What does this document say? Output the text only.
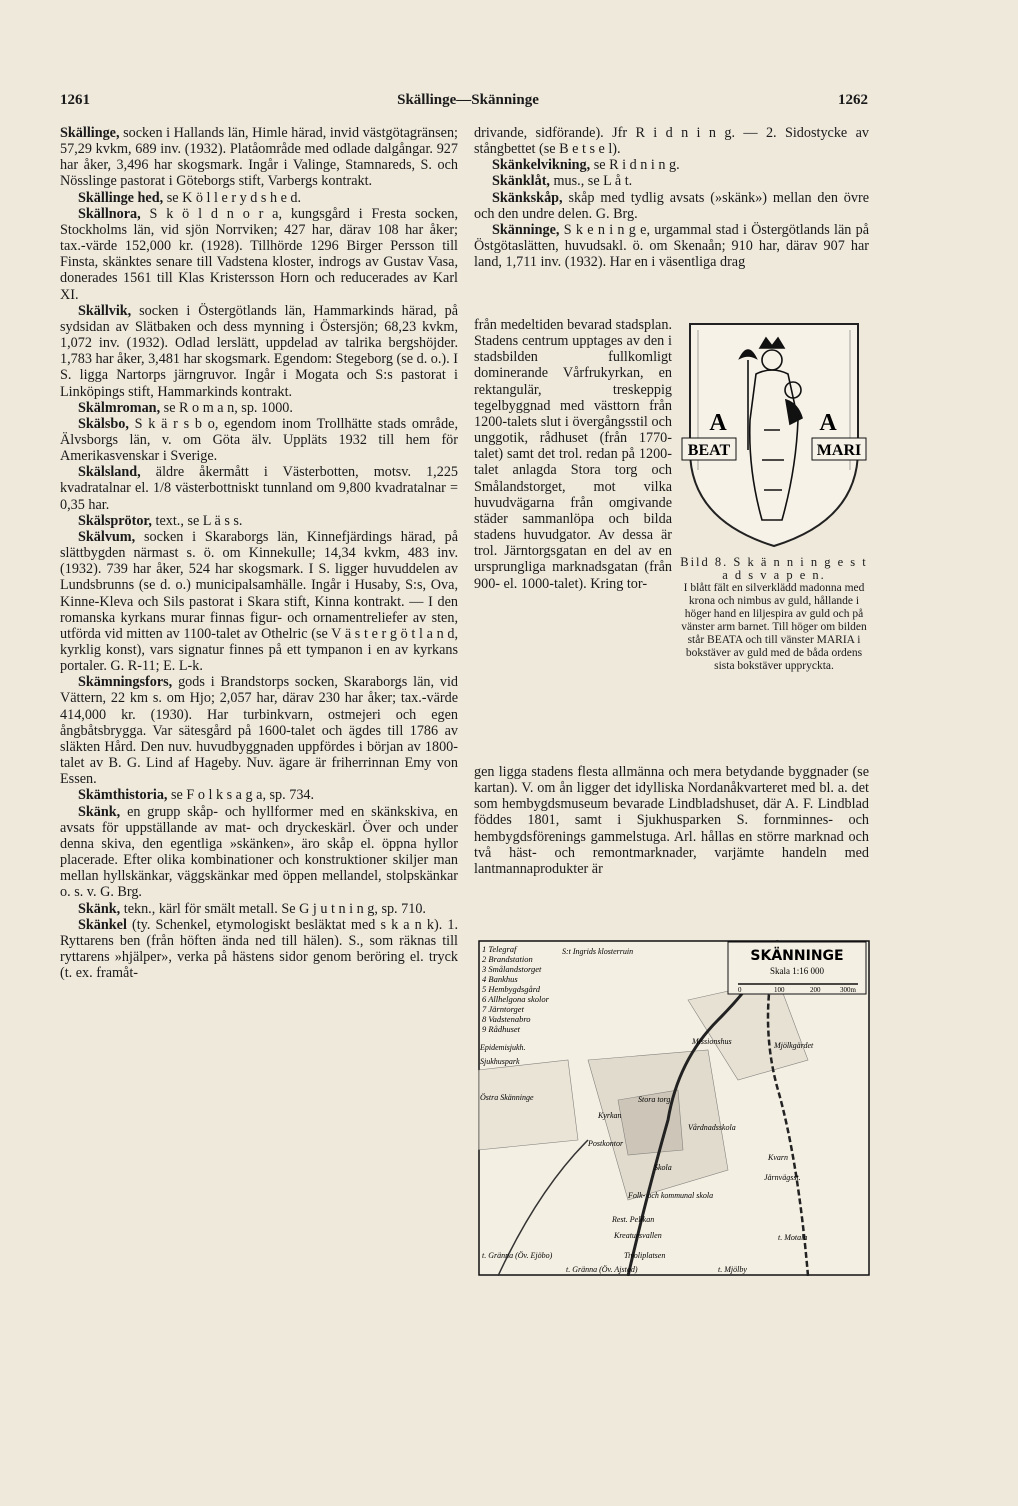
1261	Skällinge—Skänninge	1262

Skällinge, socken i Hallands län, Himle härad, invid västgötagränsen; 57,29 kvkm, 689 inv. (1932). Platåområde med odlade dalgångar. 927 har åker, 3,496 har skogsmark. Ingår i Valinge, Stamnareds, S. och Nösslinge pastorat i Göteborgs stift, Varbergs kontrakt.

Skällinge hed, se K ö l l e r y d s h e d.

Skällnora, S k ö l d n o r a, kungsgård i Fresta socken, Stockholms län, vid sjön Norrviken; 427 har, därav 108 har åker; tax.-värde 152,000 kr. (1928). Tillhörde 1296 Birger Persson till Finsta, skänktes senare till Vadstena kloster, indrogs av Gustav Vasa, donerades 1561 till Klas Kristersson Horn och reducerades av Karl XI.

Skällvik, socken i Östergötlands län, Hammarkinds härad, på sydsidan av Slätbaken och dess mynning i Östersjön; 68,23 kvkm, 1,072 inv. (1932). Odlad lerslätt, uppdelad av talrika bergshöjder. 1,783 har åker, 3,481 har skogsmark. Egendom: Stegeborg (se d. o.). I S. ligga Nartorps järngruvor. Ingår i Mogata och S:s pastorat i Linköpings stift, Hammarkinds kontrakt.

Skälmroman, se R o m a n, sp. 1000.

Skälsbo, S k ä r s b o, egendom inom Trollhätte stads område, Älvsborgs län, v. om Göta älv. Uppläts 1932 till hem för Amerikasvenskar i Sverige.

Skälsland, äldre åkermått i Västerbotten, motsv. 1,225 kvadratalnar el. 1/8 västerbottniskt tunnland om 9,800 kvadratalnar = 0,35 har.

Skälsprötor, text., se L ä s s.

Skälvum, socken i Skaraborgs län, Kinnefjärdings härad, på slättbygden närmast s. ö. om Kinnekulle; 14,34 kvkm, 483 inv. (1932). 739 har åker, 524 har skogsmark. I S. ligger huvuddelen av Lundsbrunns (se d. o.) municipalsamhälle. Ingår i Husaby, S:s, Ova, Kinne-Kleva och Sils pastorat i Skara stift, Kinna kontrakt. — I den romanska kyrkans murar finnas figur- och ornamentreliefer av sten, utförda vid mitten av 1100-talet av Othelric (se V ä s t e r g ö t l a n d, kyrklig konst), vars signatur finnes på ett tympanon i en av kyrkans portaler. G. R-11; E. L-k.

Skämningsfors, gods i Brandstorps socken, Skaraborgs län, vid Vättern, 22 km s. om Hjo; 2,057 har, därav 230 har åker; tax.-värde 414,000 kr. (1930). Har turbinkvarn, ostmejeri och egen ångbåtsbrygga. Var sätesgård på 1600-talet och ägdes till 1786 av släkten Hård. Den nuv. huvudbyggnaden uppfördes i början av 1800-talet av B. G. Lind af Hageby. Nuv. ägare är friherrinnan Emy von Essen.

Skämthistoria, se F o l k s a g a, sp. 734.

Skänk, en grupp skåp- och hyllformer med en skänkskiva, en avsats för uppställande av mat- och dryckeskärl. Över och under denna skiva, den egentliga »skänken», äro skåp el. öppna hyllor placerade. Efter olika kombinationer och konstruktioner skiljer man mellan hyllskänkar, väggskänkar med öppen mellandel, stolpskänkar o. s. v. G. Brg.

Skänk, tekn., kärl för smält metall. Se G j u t n i n g, sp. 710.

Skänkel (ty. Schenkel, etymologiskt besläktat med s k a n k). 1. Ryttarens ben (från höften ända ned till hälen). S., som räknas till ryttarens »hjälper», verka på hästens sidor genom beröring el. tryck (t. ex. framåt-

drivande, sidförande). Jfr R i d n i n g. — 2. Sidostycke av stångbettet (se B e t s e l).

Skänkelvikning, se R i d n i n g.

Skänklåt, mus., se L å t.

Skänkskåp, skåp med tydlig avsats (»skänk») mellan den övre och den undre delen. G. Brg.

Skänninge, S k e n i n g e, urgammal stad i Östergötlands län på Östgötaslätten, huvudsakl. ö. om Skenaån; 910 har, därav 907 har land, 1,711 inv. (1932). Har en i väsentliga drag

från medeltiden bevarad stadsplan. Stadens centrum upptages av den i stadsbilden fullkomligt dominerande Vårfrukyrkan, en rektangulär, treskeppig tegelbyggnad med västtorn från 1200-talets slut i övergångsstil och unggotik, rådhuset (från 1770-talet) samt det trol. redan på 1200-talet anlagda Stora torg och Smålandstorget, mot vilka huvudvägarna från omgivande städer sammanlöpa och bilda stadens huvudgator. Av dessa är trol. Järntorgsgatan en del av en ursprungliga marknadsgatan (från 900- el. 1000-talet). Kring tor-

A	A
BEAT	MARI
Bild 8. S k ä n n i n g e s t a d s v a p e n.
I blått fält en silverklädd madonna med krona och nimbus av guld, hållande i höger hand en liljespira av guld och på vänster arm barnet. Till höger om bilden står BEATA och till vänster MARIA i bokstäver av guld med de båda ordens sista bokstäver uppryckta.

gen ligga stadens flesta allmänna och mera betydande byggnader (se kartan). V. om ån ligger det idylliska Nordanåkvarteret med bl. a. det som hembygdsmuseum bevarade Lindbladshuset, där A. F. Lindblad föddes 1801, samt i Sjukhusparken S. fornminnes- och hembygdsförenings gammelstuga. Arl. hållas en större marknad och två häst- och remontmarknader, varjämte handeln med lantmannaprodukter är

SKÄNNINGE
Skala 1:16 000
0	100	200	300m
1 Telegraf
2 Brandstation
3 Smålandstorget
4 Bankhus
5 Hembygdsgård
6 Allhelgona skolor
7 Järntorget
8 Vadstenabro
9 Rådhuset
S:t Ingrids klosterruin
Epidemisjukh.
Sjukhuspark
Missionshus	Mjölkgärdet
Stora torg
Kyrkan
Vårdnadsskola
Postkontor
Skola
Kvarn
Järnvägsst.
Folk- och kommunal skola
Rest. Pelikan
Kreatursvallen
Tivoliplatsen
t. Gränna (Öv. Ejöbo)
t. Gränna (Öv. Ajstad)	t. Mjölby
Östra Skänninge
t. Motala
